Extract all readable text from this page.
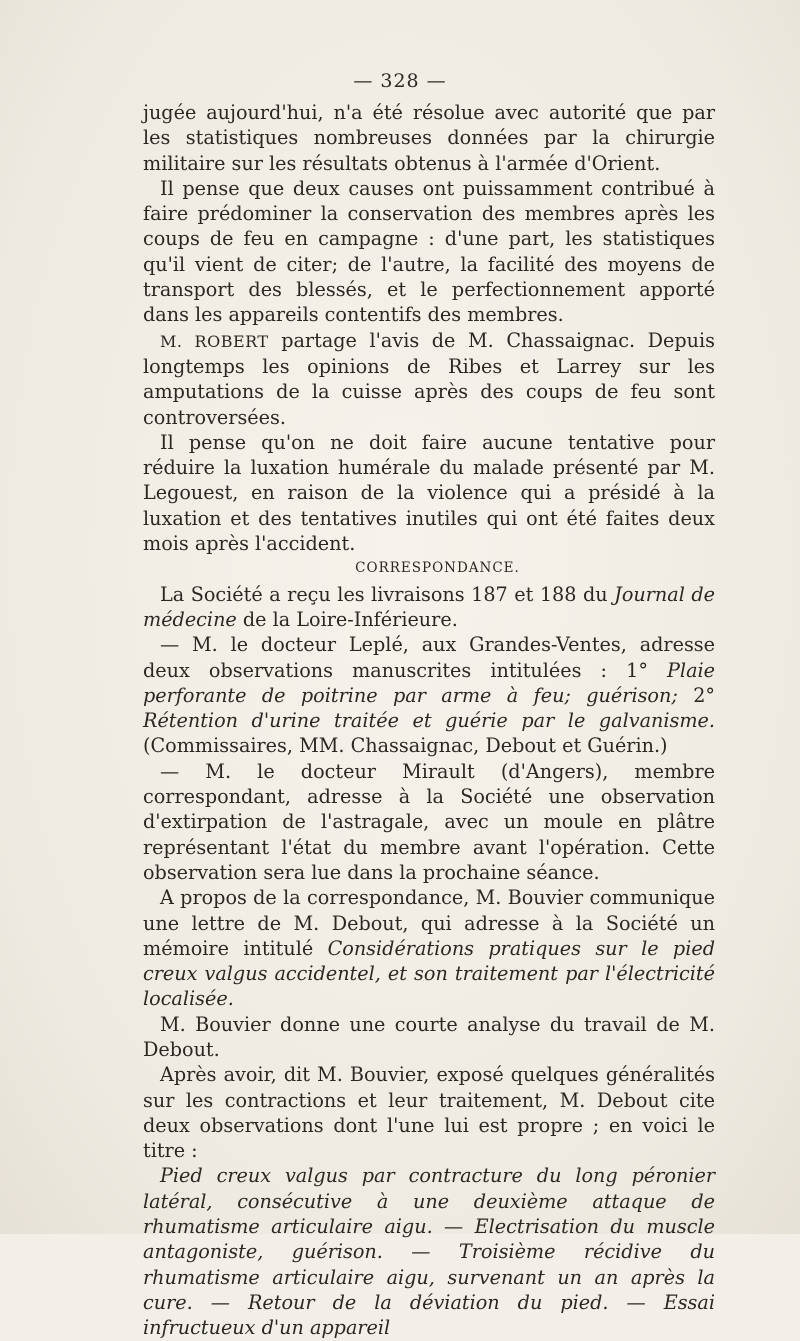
— 328 —

jugée aujourd'hui, n'a été résolue avec autorité que par les statistiques nombreuses données par la chirurgie militaire sur les résultats obtenus à l'armée d'Orient.

Il pense que deux causes ont puissamment contribué à faire prédominer la conservation des membres après les coups de feu en campagne : d'une part, les statistiques qu'il vient de citer; de l'autre, la facilité des moyens de transport des blessés, et le perfectionnement apporté dans les appareils contentifs des membres.

M. ROBERT partage l'avis de M. Chassaignac. Depuis longtemps les opinions de Ribes et Larrey sur les amputations de la cuisse après des coups de feu sont controversées.

Il pense qu'on ne doit faire aucune tentative pour réduire la luxation humérale du malade présenté par M. Legouest, en raison de la violence qui a présidé à la luxation et des tentatives inutiles qui ont été faites deux mois après l'accident.

CORRESPONDANCE.

La Société a reçu les livraisons 187 et 188 du Journal de médecine de la Loire-Inférieure.

— M. le docteur Leplé, aux Grandes-Ventes, adresse deux observations manuscrites intitulées : 1° Plaie perforante de poitrine par arme à feu; guérison; 2° Rétention d'urine traitée et guérie par le galvanisme. (Commissaires, MM. Chassaignac, Debout et Guérin.)

— M. le docteur Mirault (d'Angers), membre correspondant, adresse à la Société une observation d'extirpation de l'astragale, avec un moule en plâtre représentant l'état du membre avant l'opération. Cette observation sera lue dans la prochaine séance.

A propos de la correspondance, M. Bouvier communique une lettre de M. Debout, qui adresse à la Société un mémoire intitulé Considérations pratiques sur le pied creux valgus accidentel, et son traitement par l'électricité localisée.

M. Bouvier donne une courte analyse du travail de M. Debout.

Après avoir, dit M. Bouvier, exposé quelques généralités sur les contractions et leur traitement, M. Debout cite deux observations dont l'une lui est propre ; en voici le titre :

Pied creux valgus par contracture du long péronier latéral, consécutive à une deuxième attaque de rhumatisme articulaire aigu. — Electrisation du muscle antagoniste, guérison. — Troisième récidive du rhumatisme articulaire aigu, survenant un an après la cure. — Retour de la déviation du pied. — Essai infructueux d'un appareil
